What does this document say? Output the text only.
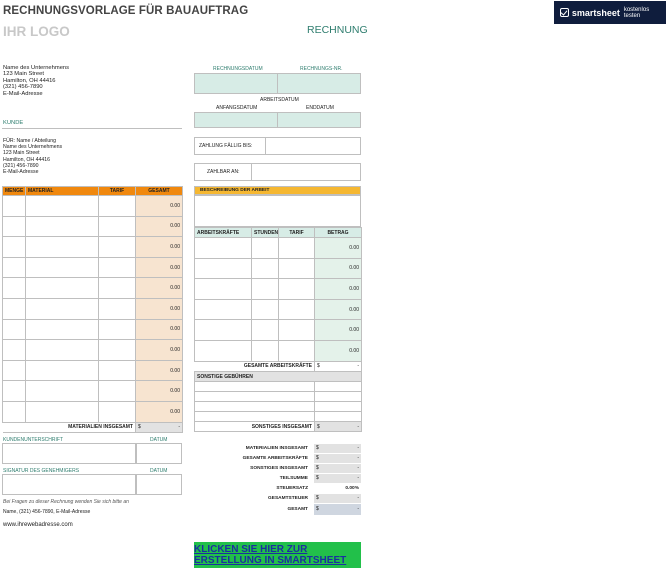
RECHNUNGSVORLAGE FÜR BAUAUFTRAG
IHR LOGO	RECHNUNG
smartsheet kostenlos testen
Name des Unternehmens
123 Main Street
Hamilton, OH 44416
(321) 456-7890
E-Mail-Adresse
RECHNUNGSDATUM	RECHNUNGS-NR.
ARBEITSDATUM
ANFANGSDATUM	ENDDATUM
ZAHLUNG FÄLLIG BIS:
ZAHLBAR AN:
KUNDE
FÜR: Name / Abteilung
Name des Unternehmens
123 Main Street
Hamilton, OH 44416
(321) 456-7890
E-Mail-Adresse
MENGE	MATERIAL	TARIF	GESAMT
			0.00
			0.00
			0.00
			0.00
			0.00
			0.00
			0.00
			0.00
			0.00
			0.00
			0.00
MATERIALIEN INSGESAMT			$ -
BESCHREIBUNG DER ARBEIT
ARBEITSKRÄFTE	STUNDEN	TARIF	BETRAG
			0.00
			0.00
			0.00
			0.00
			0.00
			0.00
GESAMTE ARBEITSKRÄFTE			$ -
SONSTIGE GEBÜHREN	

SONSTIGES INSGESAMT	$ -
KUNDENUNTERSCHRIFT	DATUM
SIGNATUR DES GENEHMIGERS	DATUM
Bei Fragen zu dieser Rechnung wenden Sie sich bitte an
Name, (321) 456-7890, E-Mail-Adresse
www.ihrewebadresse.com
MATERIALIEN INSGESAMT	$	-
GESAMTE ARBEITSKRÄFTE	$	-
SONSTIGES INSGESAMT	$	-
TEILSUMME	$	-
STEUERSATZ	0.00%
GESAMTSTEUER	$	-
GESAMT	$	-
KLICKEN SIE HIER ZUR ERSTELLUNG IN SMARTSHEET
